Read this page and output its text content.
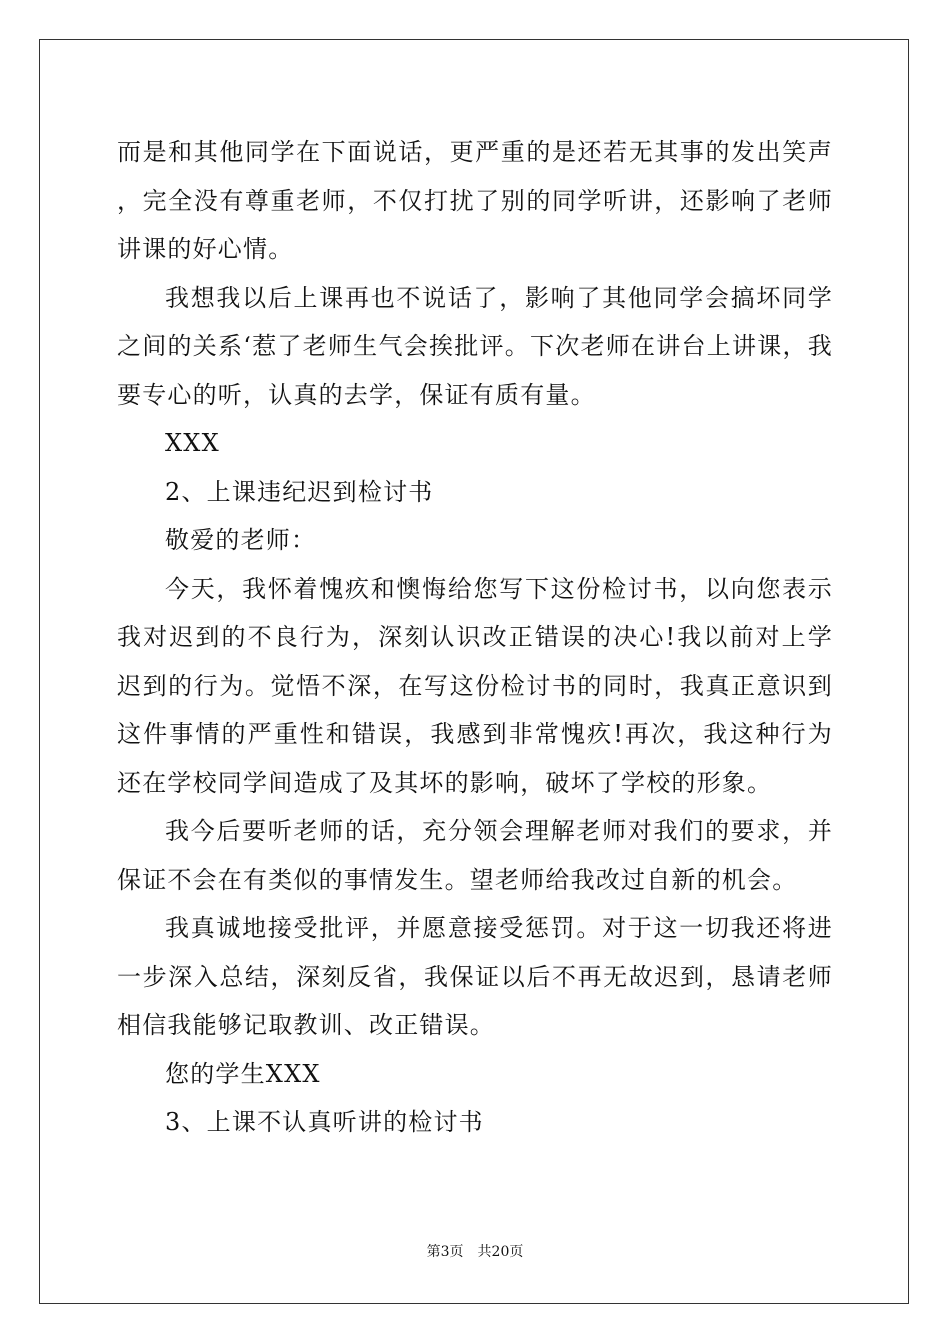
而是和其他同学在下面说话，更严重的是还若无其事的发出笑声，完全没有尊重老师，不仅打扰了别的同学听讲，还影响了老师讲课的好心情。

我想我以后上课再也不说话了，影响了其他同学会搞坏同学之间的关系‘惹了老师生气会挨批评。下次老师在讲台上讲课，我要专心的听，认真的去学，保证有质有量。

XXX

2、上课违纪迟到检讨书

敬爱的老师：

今天，我怀着愧疚和懊悔给您写下这份检讨书，以向您表示我对迟到的不良行为，深刻认识改正错误的决心!我以前对上学迟到的行为。觉悟不深，在写这份检讨书的同时，我真正意识到这件事情的严重性和错误，我感到非常愧疚!再次，我这种行为还在学校同学间造成了及其坏的影响，破坏了学校的形象。

我今后要听老师的话，充分领会理解老师对我们的要求，并保证不会在有类似的事情发生。望老师给我改过自新的机会。

我真诚地接受批评，并愿意接受惩罚。对于这一切我还将进一步深入总结，深刻反省，我保证以后不再无故迟到，恳请老师相信我能够记取教训、改正错误。

您的学生XXX

3、上课不认真听讲的检讨书

第3页 共20页
